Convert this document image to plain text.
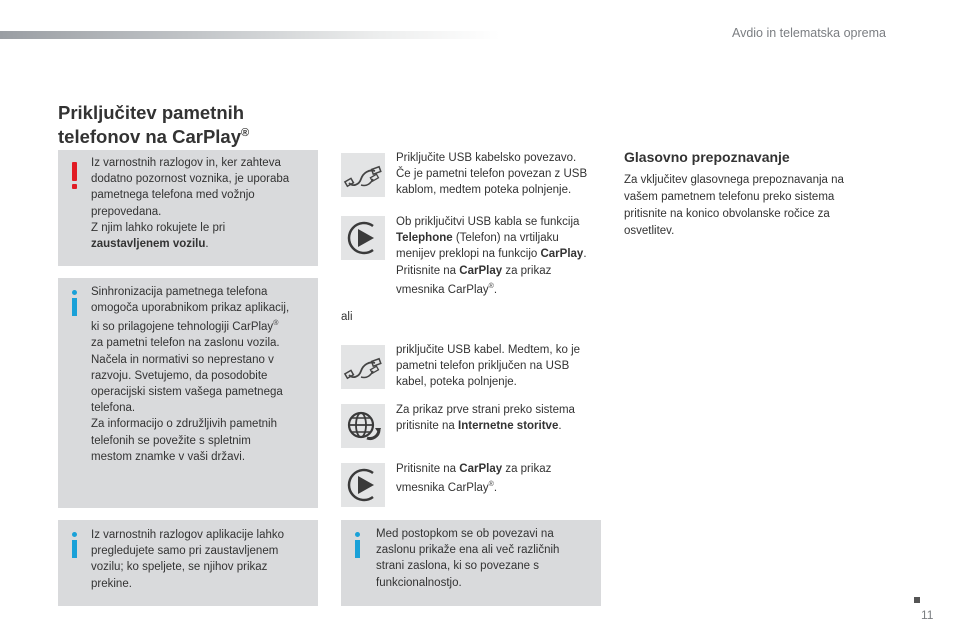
Avdio in telematska oprema
Priključitev pametnih
telefonov na CarPlay®
Iz varnostnih razlogov in, ker zahteva
dodatno pozornost voznika, je uporaba
pametnega telefona med vožnjo
prepovedana.
Z njim lahko rokujete le pri
zaustavljenem vozilu.
Sinhronizacija pametnega telefona
omogoča uporabnikom prikaz aplikacij,
ki so prilagojene tehnologiji CarPlay®
za pametni telefon na zaslonu vozila.
Načela in normativi so neprestano v
razvoju. Svetujemo, da posodobite
operacijski sistem vašega pametnega
telefona.
Za informacijo o združljivih pametnih
telefonih se povežite s spletnim
mestom znamke v vaši državi.
Iz varnostnih razlogov aplikacije lahko
pregledujete samo pri zaustavljenem
vozilu; ko speljete, se njihov prikaz
prekine.
Priključite USB kabelsko povezavo.
Če je pametni telefon povezan z USB
kablom, medtem poteka polnjenje.
Ob priključitvi USB kabla se funkcija
Telephone (Telefon) na vrtiljaku
menijev preklopi na funkcijo CarPlay.
Pritisnite na CarPlay za prikaz
vmesnika CarPlay®.
ali
priključite USB kabel. Medtem, ko je
pametni telefon priključen na USB
kabel, poteka polnjenje.
Za prikaz prve strani preko sistema
pritisnite na Internetne storitve.
Pritisnite na CarPlay za prikaz
vmesnika CarPlay®.
Med postopkom se ob povezavi na
zaslonu prikaže ena ali več različnih
strani zaslona, ki so povezane s
funkcionalnostjo.
Glasovno prepoznavanje
Za vključitev glasovnega prepoznavanja na
vašem pametnem telefonu preko sistema
pritisnite na konico obvolanske ročice za
osvetlitev.
11
